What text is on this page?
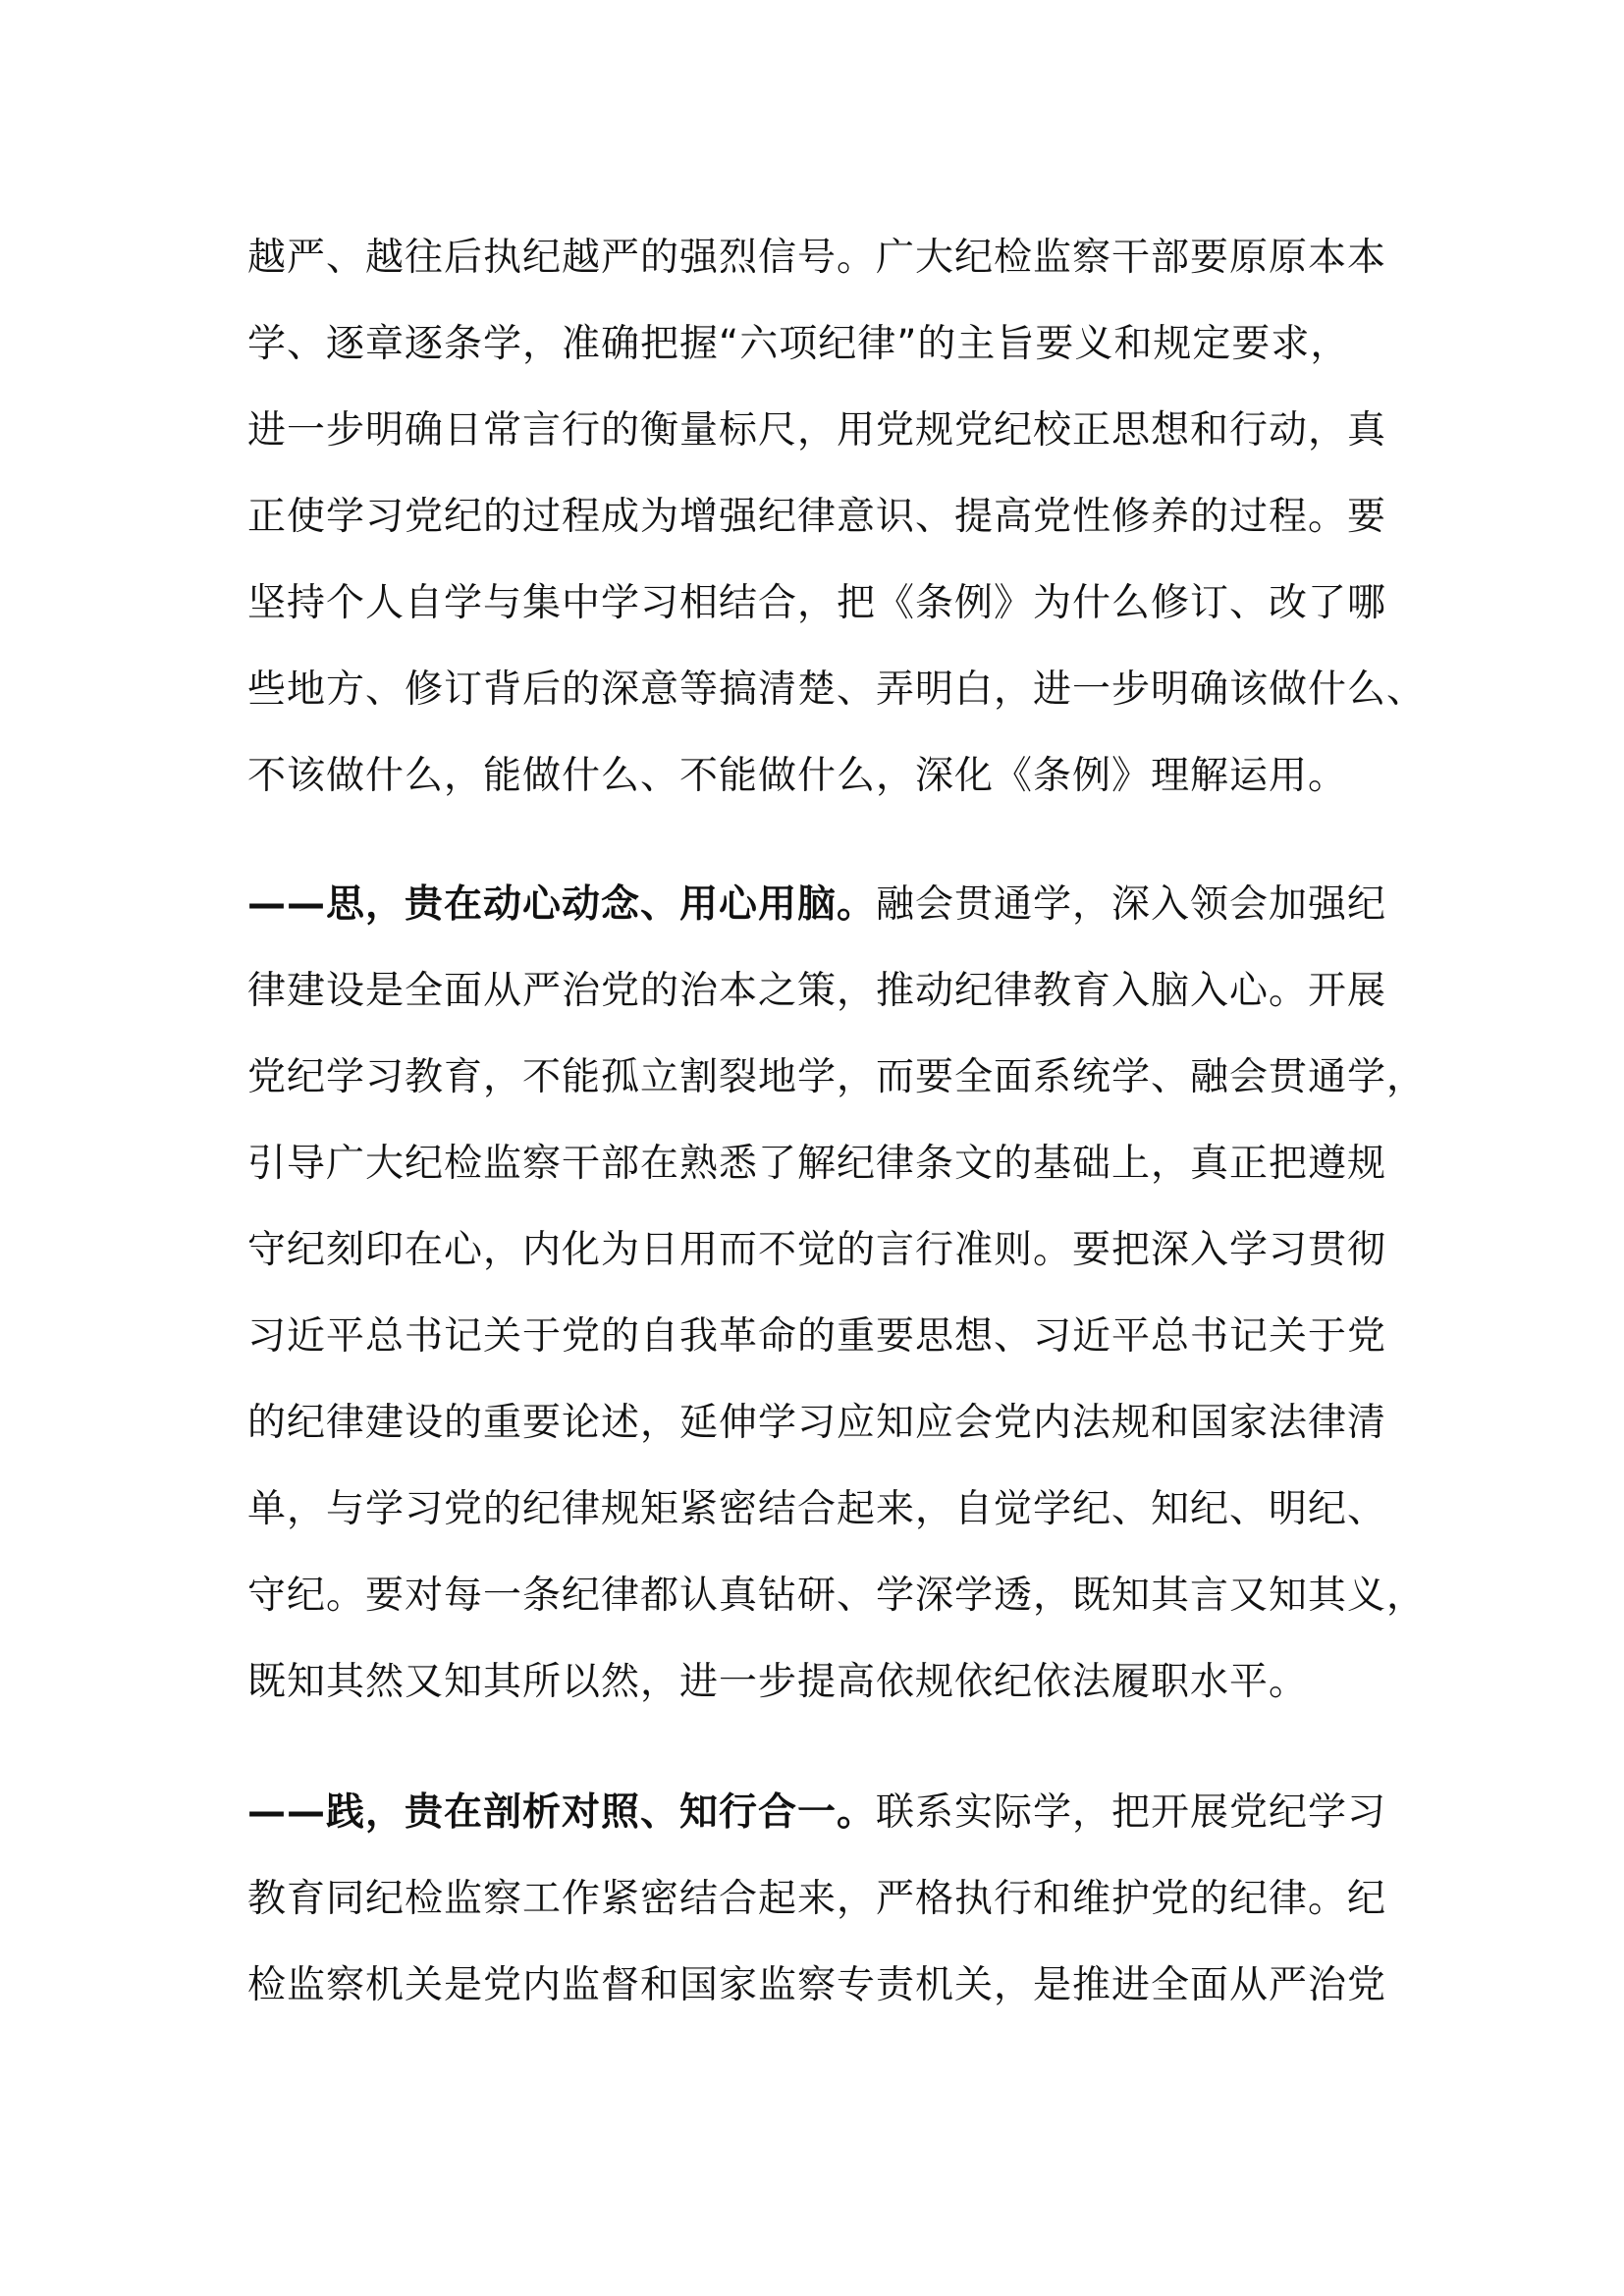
越严、越往后执纪越严的强烈信号。广大纪检监察干部要原原本本
学、逐章逐条学，准确把握“六项纪律”的主旨要义和规定要求，
进一步明确日常言行的衡量标尺，用党规党纪校正思想和行动，真
正使学习党纪的过程成为增强纪律意识、提高党性修养的过程。要
坚持个人自学与集中学习相结合，把《条例》为什么修订、改了哪
些地方、修订背后的深意等搞清楚、弄明白，进一步明确该做什么、
不该做什么，能做什么、不能做什么，深化《条例》理解运用。
——思，贵在动心动念、用心用脑。融会贯通学，深入领会加强纪
律建设是全面从严治党的治本之策，推动纪律教育入脑入心。开展
党纪学习教育，不能孤立割裂地学，而要全面系统学、融会贯通学，
引导广大纪检监察干部在熟悉了解纪律条文的基础上，真正把遵规
守纪刻印在心，内化为日用而不觉的言行准则。要把深入学习贯彻
习近平总书记关于党的自我革命的重要思想、习近平总书记关于党
的纪律建设的重要论述，延伸学习应知应会党内法规和国家法律清
单，与学习党的纪律规矩紧密结合起来，自觉学纪、知纪、明纪、
守纪。要对每一条纪律都认真钻研、学深学透，既知其言又知其义，
既知其然又知其所以然，进一步提高依规依纪依法履职水平。
——践，贵在剖析对照、知行合一。联系实际学，把开展党纪学习
教育同纪检监察工作紧密结合起来，严格执行和维护党的纪律。纪
检监察机关是党内监督和国家监察专责机关，是推进全面从严治党
